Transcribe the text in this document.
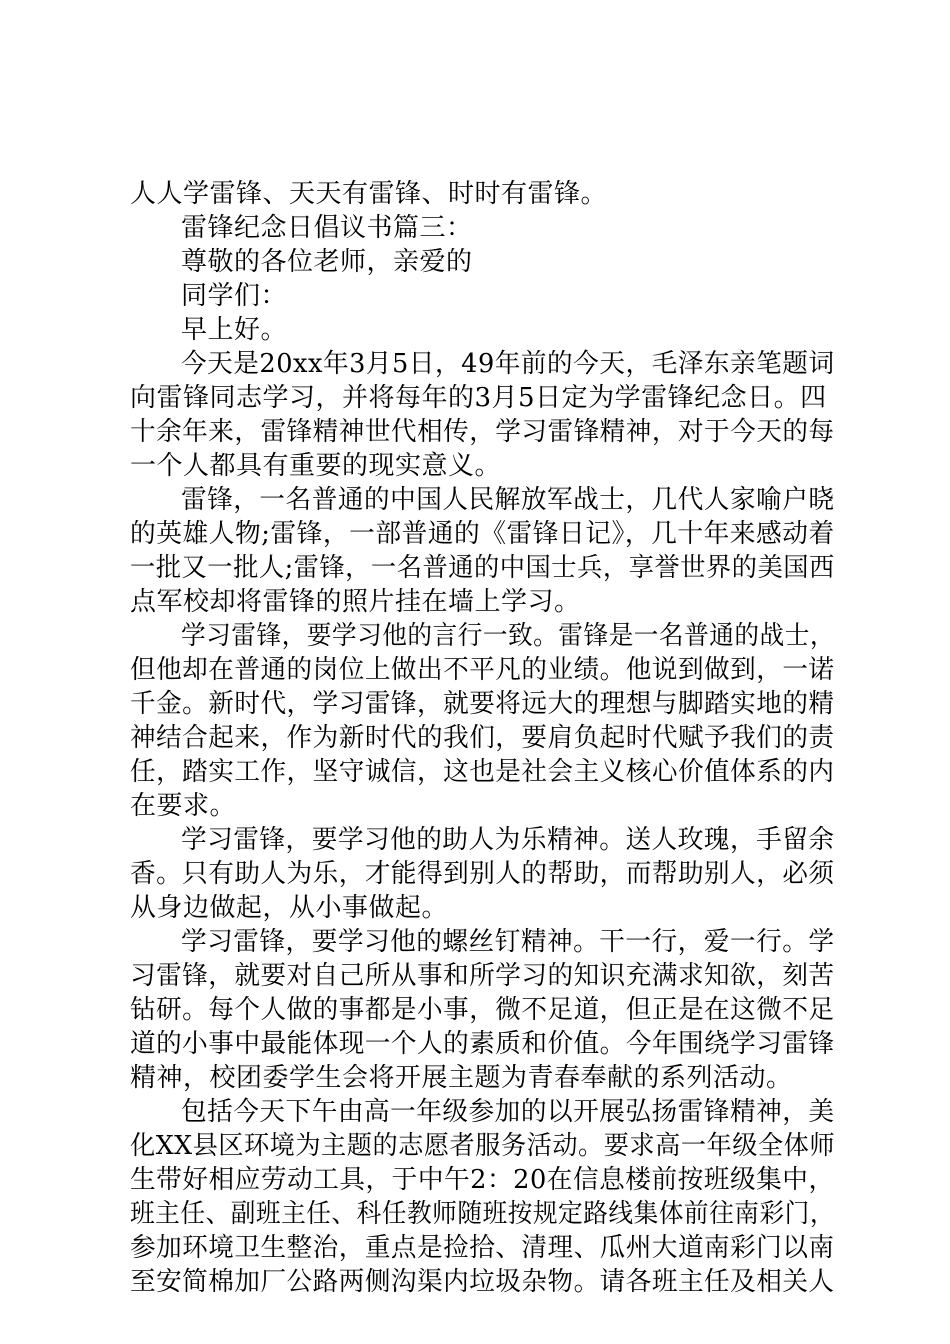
人人学雷锋、天天有雷锋、时时有雷锋。
雷锋纪念日倡议书篇三：
尊敬的各位老师，亲爱的
同学们：
早上好。
今天是20xx年3月5日，49年前的今天，毛泽东亲笔题词
向雷锋同志学习，并将每年的3月5日定为学雷锋纪念日。四
十余年来，雷锋精神世代相传，学习雷锋精神，对于今天的每
一个人都具有重要的现实意义。
雷锋，一名普通的中国人民解放军战士，几代人家喻户晓
的英雄人物;雷锋，一部普通的《雷锋日记》，几十年来感动着
一批又一批人;雷锋，一名普通的中国士兵，享誉世界的美国西
点军校却将雷锋的照片挂在墙上学习。
学习雷锋，要学习他的言行一致。雷锋是一名普通的战士，
但他却在普通的岗位上做出不平凡的业绩。他说到做到，一诺
千金。新时代，学习雷锋，就要将远大的理想与脚踏实地的精
神结合起来，作为新时代的我们，要肩负起时代赋予我们的责
任，踏实工作，坚守诚信，这也是社会主义核心价值体系的内
在要求。
学习雷锋，要学习他的助人为乐精神。送人玫瑰，手留余
香。只有助人为乐，才能得到别人的帮助，而帮助别人，必须
从身边做起，从小事做起。
学习雷锋，要学习他的螺丝钉精神。干一行，爱一行。学
习雷锋，就要对自己所从事和所学习的知识充满求知欲，刻苦
钻研。每个人做的事都是小事，微不足道，但正是在这微不足
道的小事中最能体现一个人的素质和价值。今年围绕学习雷锋
精神，校团委学生会将开展主题为青春奉献的系列活动。
包括今天下午由高一年级参加的以开展弘扬雷锋精神，美
化XX县区环境为主题的志愿者服务活动。要求高一年级全体师
生带好相应劳动工具，于中午2：20在信息楼前按班级集中，
班主任、副班主任、科任教师随班按规定路线集体前往南彩门，
参加环境卫生整治，重点是捡拾、清理、瓜州大道南彩门以南
至安简棉加厂公路两侧沟渠内垃圾杂物。请各班主任及相关人
